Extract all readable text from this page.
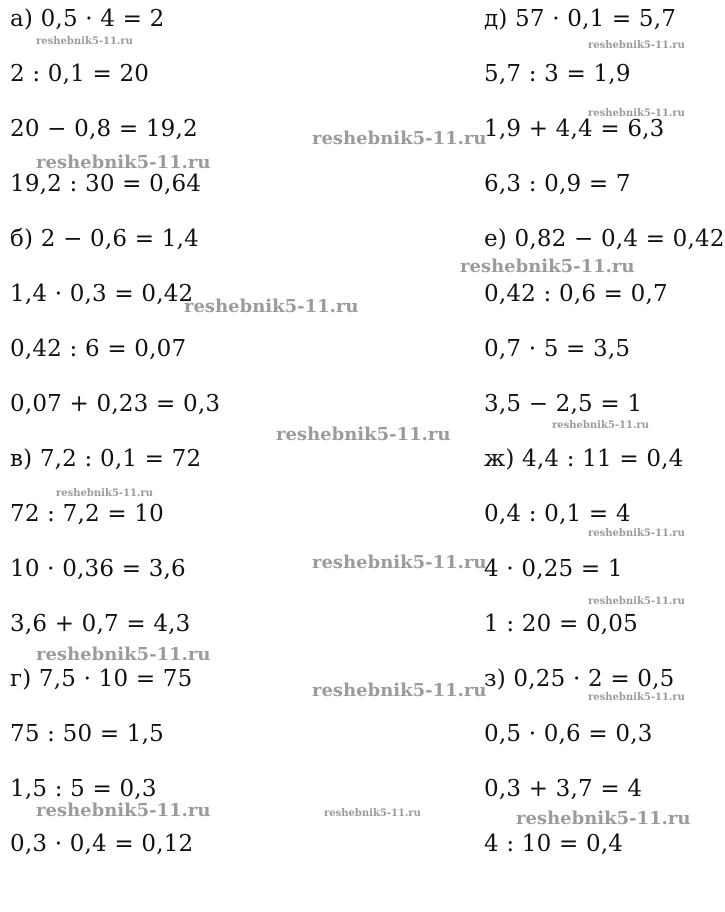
а) 0,5 · 4 = 2
2 : 0,1 = 20
20 − 0,8 = 19,2
19,2 : 30 = 0,64
б) 2 − 0,6 = 1,4
1,4 · 0,3 = 0,42
0,42 : 6 = 0,07
0,07 + 0,23 = 0,3
в) 7,2 : 0,1 = 72
72 : 7,2 = 10
10 · 0,36 = 3,6
3,6 + 0,7 = 4,3
г) 7,5 · 10 = 75
75 : 50 = 1,5
1,5 : 5 = 0,3
0,3 · 0,4 = 0,12
д) 57 · 0,1 = 5,7
5,7 : 3 = 1,9
1,9 + 4,4 = 6,3
6,3 : 0,9 = 7
е) 0,82 − 0,4 = 0,42
0,42 : 0,6 = 0,7
0,7 · 5 = 3,5
3,5 − 2,5 = 1
ж) 4,4 : 11 = 0,4
0,4 : 0,1 = 4
4 · 0,25 = 1
1 : 20 = 0,05
з) 0,25 · 2 = 0,5
0,5 · 0,6 = 0,3
0,3 + 3,7 = 4
4 : 10 = 0,4
reshebnik5-11.ru	reshebnik5-11.ru
reshebnik5-11.ru
reshebnik5-11.ru
reshebnik5-11.ru
reshebnik5-11.ru
reshebnik5-11.ru
reshebnik5-11.ru
reshebnik5-11.ru
reshebnik5-11.ru
reshebnik5-11.ru
reshebnik5-11.ru
reshebnik5-11.ru
reshebnik5-11.ru
reshebnik5-11.ru	reshebnik5-11.ru
reshebnik5-11.ru	reshebnik5-11.ru	reshebnik5-11.ru
